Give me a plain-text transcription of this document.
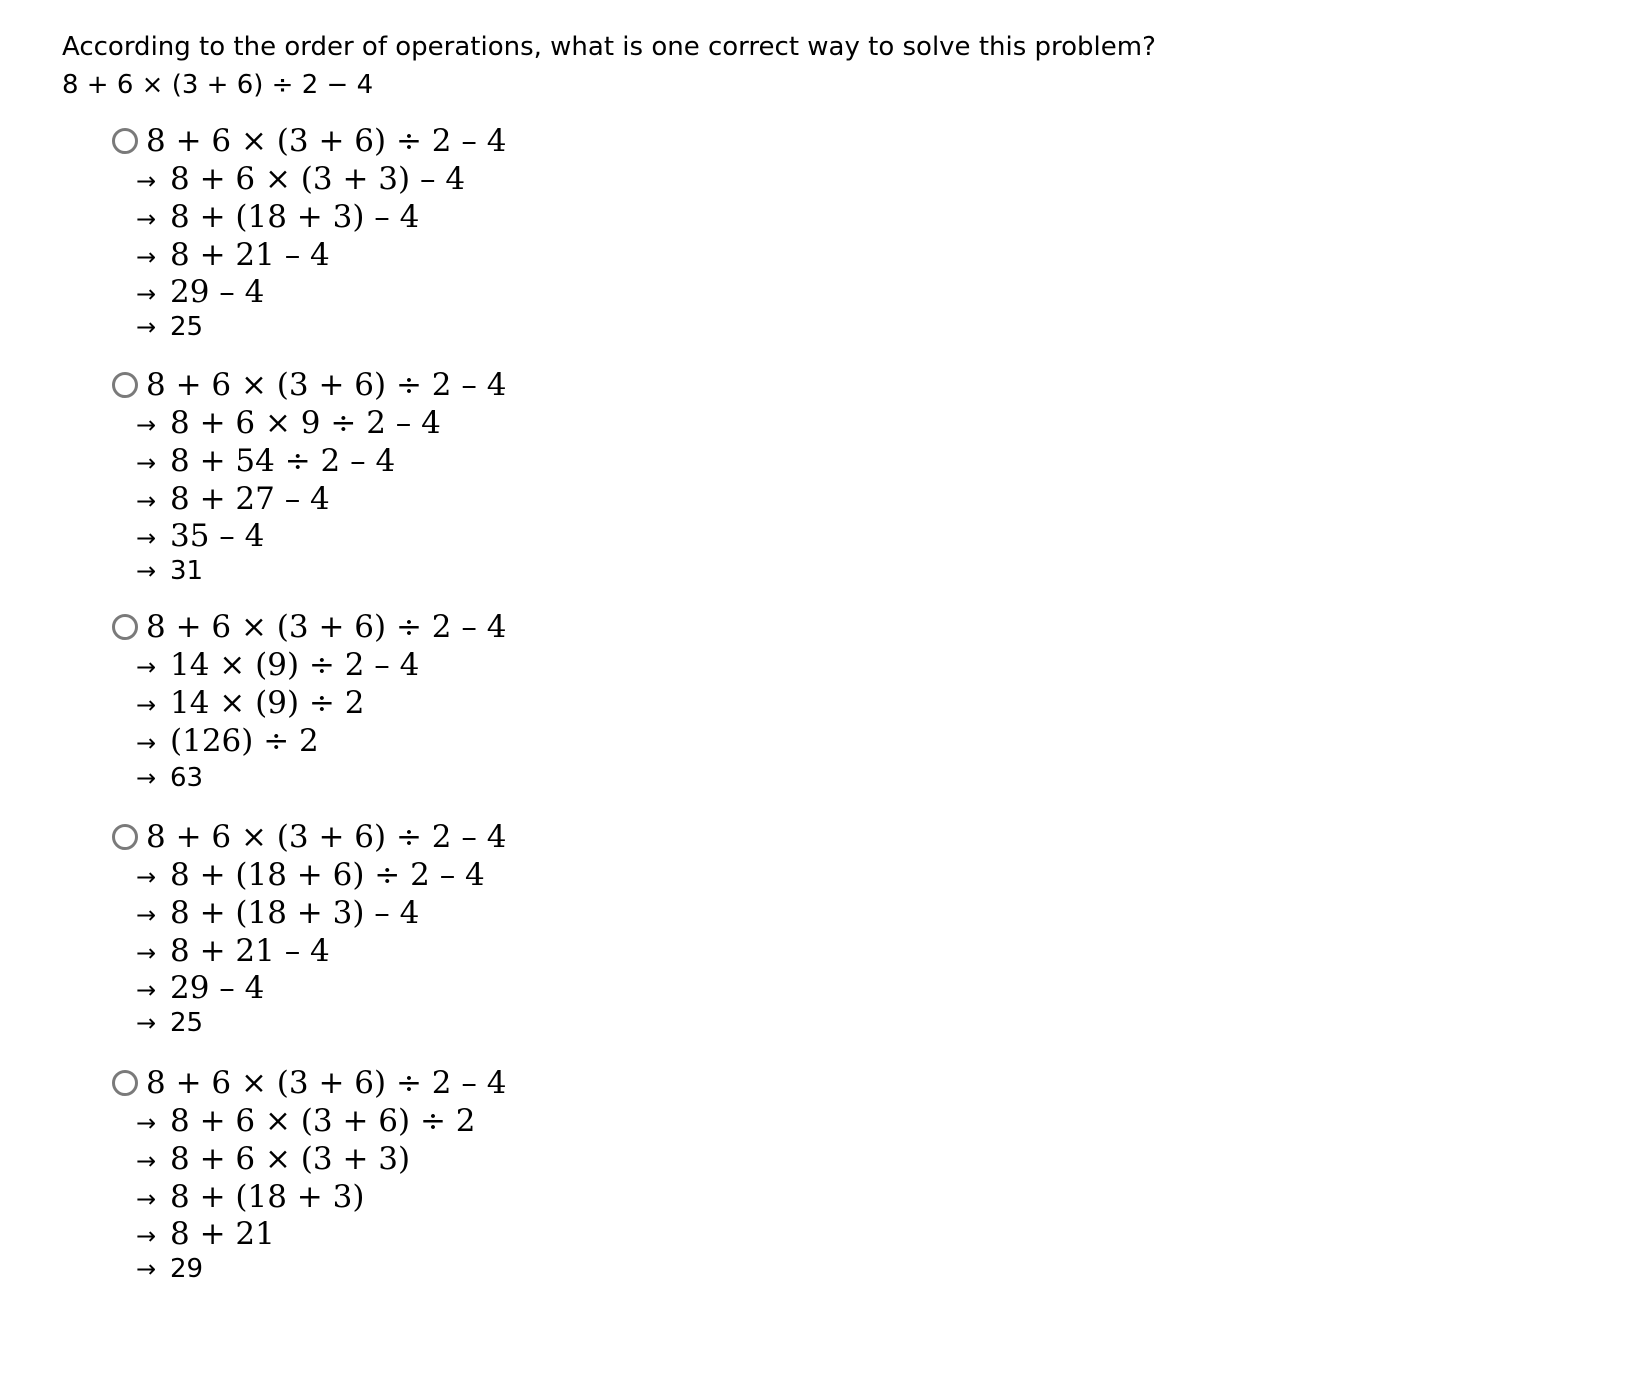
According to the order of operations, what is one correct way to solve this problem?
8 + 6 × (3 + 6) ÷ 2 − 4
8 + 6 × (3 + 6) ÷ 2 – 4
→ 8 + 6 × (3 + 3) – 4
→ 8 + (18 + 3) – 4
→ 8 + 21 – 4
→ 29 – 4
→ 25
8 + 6 × (3 + 6) ÷ 2 – 4
→ 8 + 6 × 9 ÷ 2 – 4
→ 8 + 54 ÷ 2 – 4
→ 8 + 27 – 4
→ 35 – 4
→ 31
8 + 6 × (3 + 6) ÷ 2 – 4
→ 14 × (9) ÷ 2 – 4
→ 14 × (9) ÷ 2
→ (126) ÷ 2
→ 63
8 + 6 × (3 + 6) ÷ 2 – 4
→ 8 + (18 + 6) ÷ 2 – 4
→ 8 + (18 + 3) – 4
→ 8 + 21 – 4
→ 29 – 4
→ 25
8 + 6 × (3 + 6) ÷ 2 – 4
→ 8 + 6 × (3 + 6) ÷ 2
→ 8 + 6 × (3 + 3)
→ 8 + (18 + 3)
→ 8 + 21
→ 29
